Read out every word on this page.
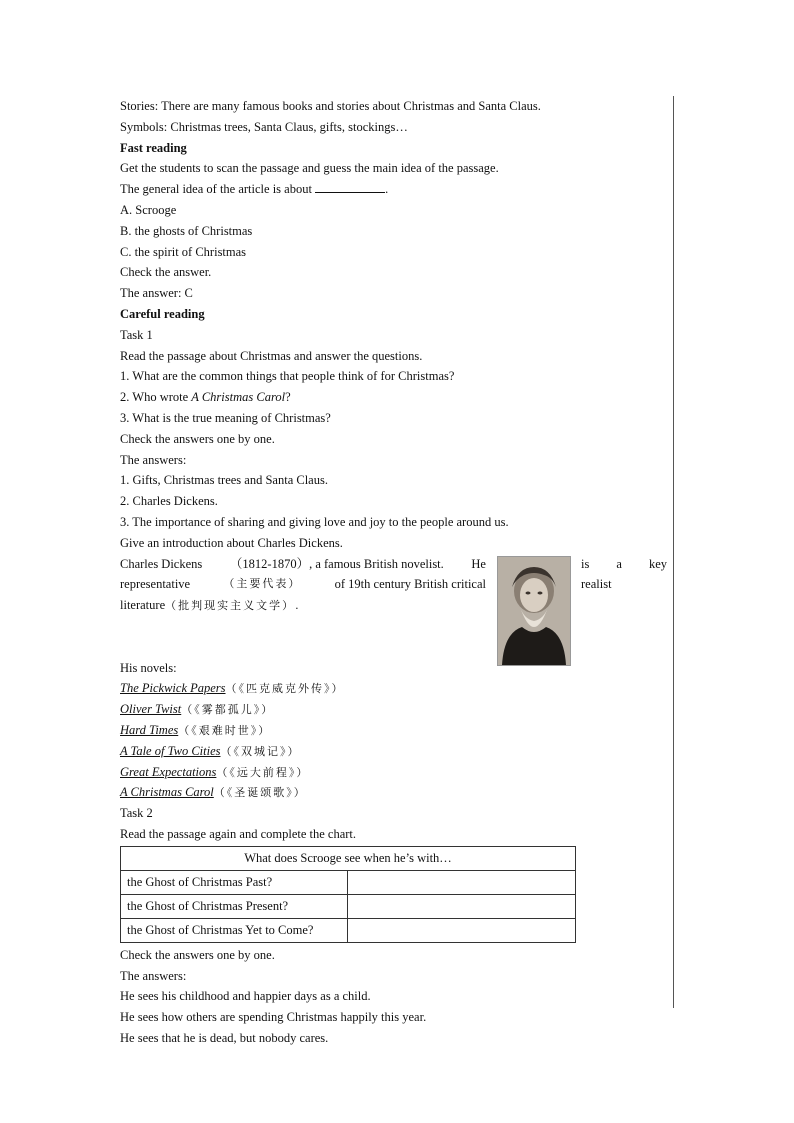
Stories: There are many famous books and stories about Christmas and Santa Claus.
Symbols: Christmas trees, Santa Claus, gifts, stockings…
Fast reading
Get the students to scan the passage and guess the main idea of the passage.
The general idea of the article is about	.
A. Scrooge
B. the ghosts of Christmas
C. the spirit of Christmas
Check the answer.
The answer: C
Careful reading
Task 1
Read the passage about Christmas and answer the questions.
1. What are the common things that people think of for Christmas?
2. Who wrote A Christmas Carol?
3. What is the true meaning of Christmas?
Check the answers one by one.
The answers:
1. Gifts, Christmas trees and Santa Claus.
2. Charles Dickens.
3. The importance of sharing and giving love and joy to the people around us.
Give an introduction about Charles Dickens.
Charles Dickens （1812-1870）, a famous British novelist. He
representative	（主要代表）	of 19th century British critical
literature（批判现实主义文学）.
is a key
realist
His novels:
The Pickwick Papers（《匹克威克外传》）
Oliver Twist（《雾都孤儿》）
Hard Times（《艰难时世》）
A Tale of Two Cities（《双城记》）
Great Expectations（《远大前程》）
A Christmas Carol（《圣诞颂歌》）
Task 2
Read the passage again and complete the chart.
What does Scrooge see when he’s with…	
the Ghost of Christmas Past?	
the Ghost of Christmas Present?	
the Ghost of Christmas Yet to Come?	
Check the answers one by one.
The answers:
He sees his childhood and happier days as a child.
He sees how others are spending Christmas happily this year.
He sees that he is dead, but nobody cares.
